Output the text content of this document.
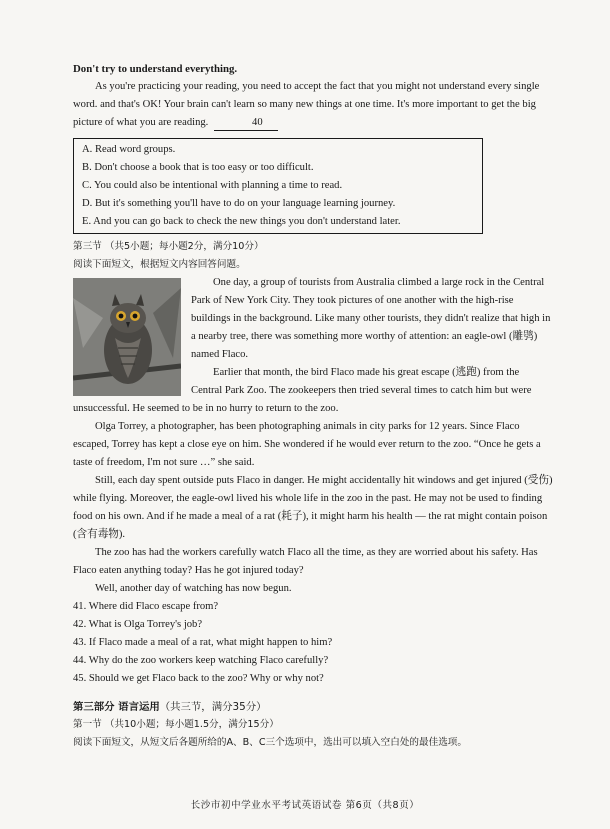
Don't try to understand everything.

As you're practicing your reading, you need to accept the fact that you might not understand every single word. and that's OK! Your brain can't learn so many new things at one time. It's more important to get the big picture of what you are reading.	40

A. Read word groups.

B. Don't choose a book that is too easy or too difficult.

C. You could also be intentional with planning a time to read.

D. But it's something you'll have to do on your language learning journey.

E. And you can go back to check the new things you don't understand later.

第三节 （共5小题；每小题2分，满分10分）

阅读下面短文，根据短文内容回答问题。

One day, a group of tourists from Australia climbed a large rock in the Central Park of New York City. They took pictures of one another with the high-rise buildings in the background. Like many other tourists, they didn't realize that high in a nearby tree, there was something more worthy of attention: an eagle-owl (雕鸮) named Flaco.

Earlier that month, the bird Flaco made his great escape (逃跑) from the Central Park Zoo. The zookeepers then tried several times to catch him but were unsuccessful. He seemed to be in no hurry to return to the zoo.

Olga Torrey, a photographer, has been photographing animals in city parks for 12 years. Since Flaco escaped, Torrey has kept a close eye on him. She wondered if he would ever return to the zoo. “Once he gets a taste of freedom, I'm not sure …” she said.

Still, each day spent outside puts Flaco in danger. He might accidentally hit windows and get injured (受伤) while flying. Moreover, the eagle-owl lived his whole life in the zoo in the past. He may not be used to finding food on his own. And if he made a meal of a rat (耗子), it might harm his health — the rat might contain poison (含有毒物).

The zoo has had the workers carefully watch Flaco all the time, as they are worried about his safety. Has Flaco eaten anything today? Has he got injured today?

Well, another day of watching has now begun.

41. Where did Flaco escape from?

42. What is Olga Torrey's job?

43. If Flaco made a meal of a rat, what might happen to him?

44. Why do the zoo workers keep watching Flaco carefully?

45. Should we get Flaco back to the zoo? Why or why not?

第三部分 语言运用（共三节，满分35分）

第一节 （共10小题；每小题1.5分，满分15分）

阅读下面短文，从短文后各题所给的A、B、C三个选项中，选出可以填入空白处的最佳选项。

长沙市初中学业水平考试英语试卷 第6页（共8页）
